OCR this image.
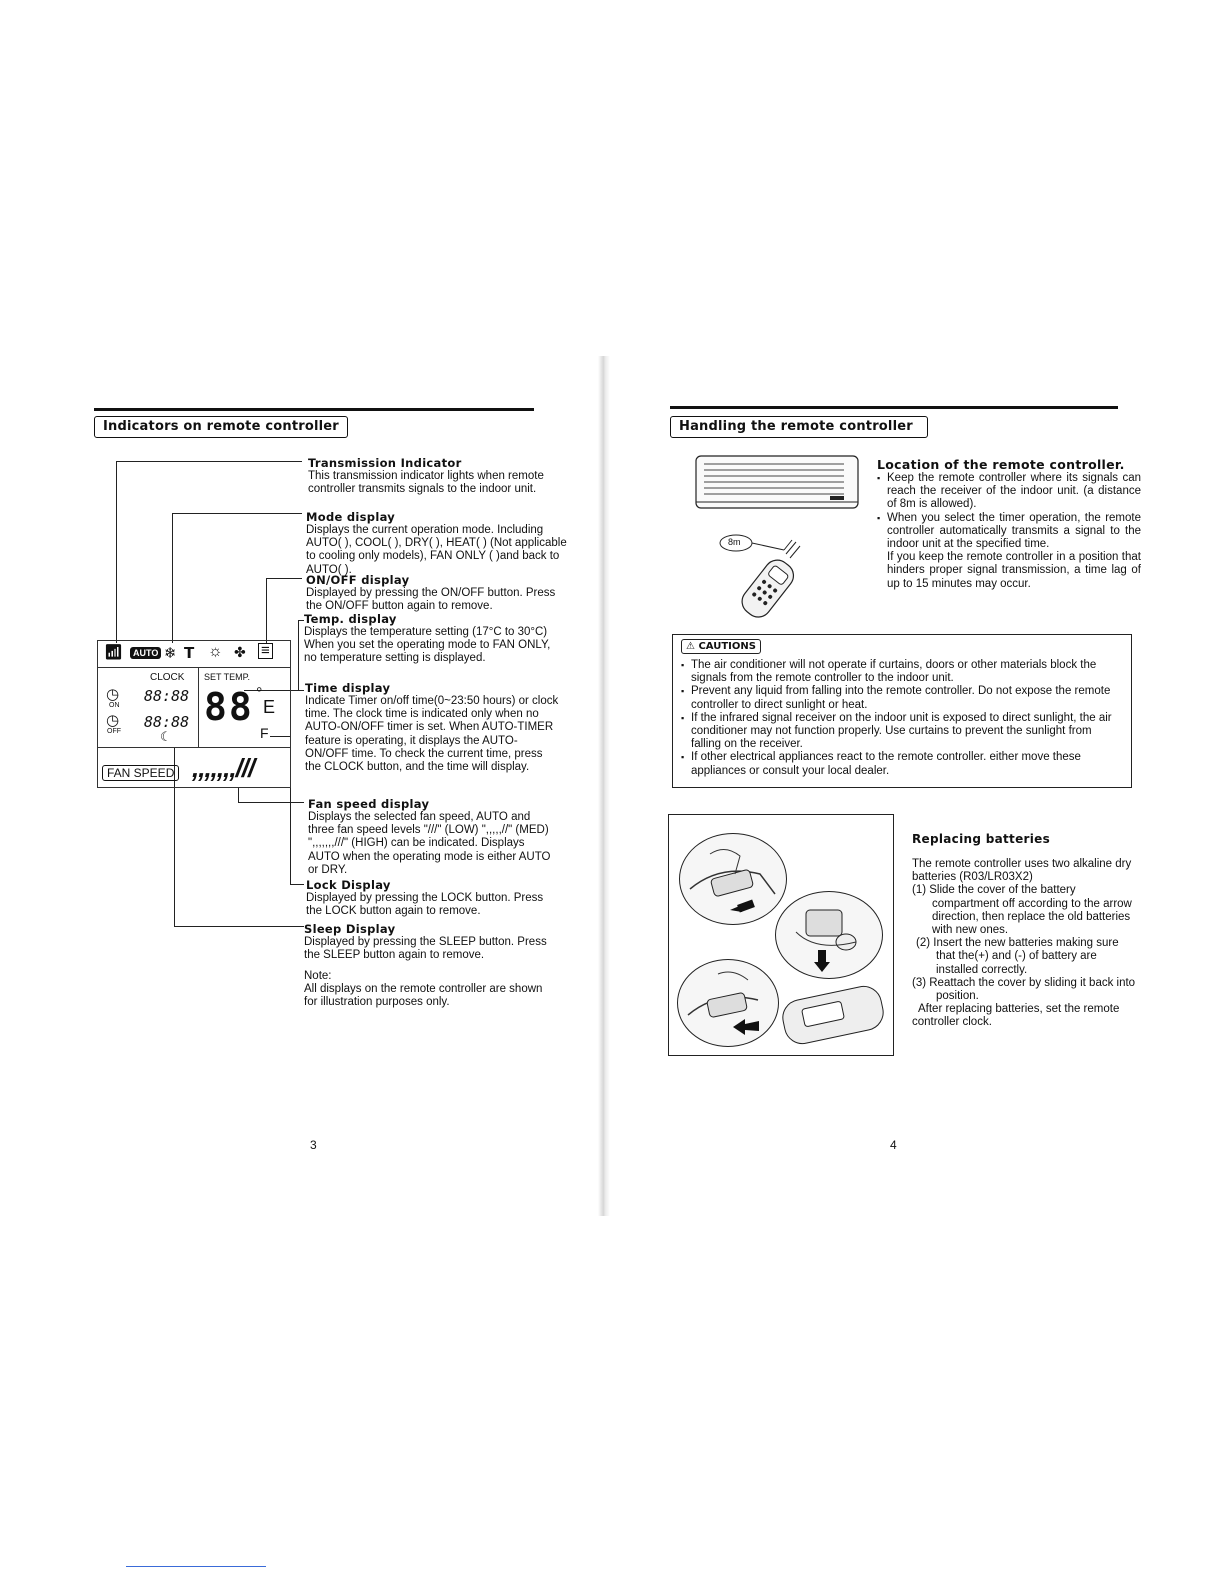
Indicators on remote controller
📶︎	AUTO ❄ 𝗧 ☼ ✤ ≡
CLOCK SET TEMP.
◷
ON
88:88
◷
OFF
88:88
☾
88 °
E
F
FAN SPEED ,,,,,,,///
Transmission Indicator
This transmission indicator lights when remote controller transmits signals to the indoor unit.
Mode display
Displays the current operation mode. Including AUTO( ), COOL( ), DRY( ), HEAT( ) (Not applicable to cooling only models), FAN ONLY ( )and back to AUTO( ).
ON/OFF display
Displayed by pressing the ON/OFF button. Press the ON/OFF button again to remove.
Temp. display
Displays the temperature setting (17°C to 30°C) When you set the operating mode to FAN ONLY, no temperature setting is displayed.
Time display
Indicate Timer on/off time(0~23:50 hours) or clock time. The clock time is indicated only when no AUTO-ON/OFF timer is set. When AUTO-TIMER feature is operating, it displays the AUTO-ON/OFF time. To check the current time, press the CLOCK button, and the time will display.
Fan speed display
Displays the selected fan speed, AUTO and three fan speed levels "///" (LOW) ",,,,,//" (MED) ",,,,,,,///" (HIGH) can be indicated. Displays AUTO when the operating mode is either AUTO or DRY.
Lock Display
Displayed by pressing the LOCK button. Press the LOCK button again to remove.
Sleep Display
Displayed by pressing the SLEEP button. Press the SLEEP button again to remove.
Note:
All displays on the remote controller are shown for illustration purposes only.
3
Handling the remote controller
8m
Location of the remote controller.
▪ Keep the remote controller where its signals can reach the receiver of the indoor unit. (a distance of 8m is allowed).
▪ When you select the timer operation, the remote controller automatically transmits a signal to the indoor unit at the specified time.
If you keep the remote controller in a position that hinders proper signal transmission, a time lag of up to 15 minutes may occur.
⚠ CAUTIONS
▪ The air conditioner will not operate if curtains, doors or other materials block the signals from the remote controller to the indoor unit.
▪ Prevent any liquid from falling into the remote controller. Do not expose the remote controller to direct sunlight or heat.
▪ If the infrared signal receiver on the indoor unit is exposed to direct sunlight, the air conditioner may not function properly. Use curtains to prevent the sunlight from falling on the receiver.
▪ If other electrical appliances react to the remote controller. either move these appliances or consult your local dealer.
Replacing batteries
The remote controller uses two alkaline dry batteries (R03/LR03X2)
(1) Slide the cover of the battery compartment off according to the arrow direction, then replace the old batteries with new ones.
(2) Insert the new batteries making sure that the(+) and (-) of battery are installed correctly.
(3) Reattach the cover by sliding it back into position.
After replacing batteries, set the remote controller clock.
4
